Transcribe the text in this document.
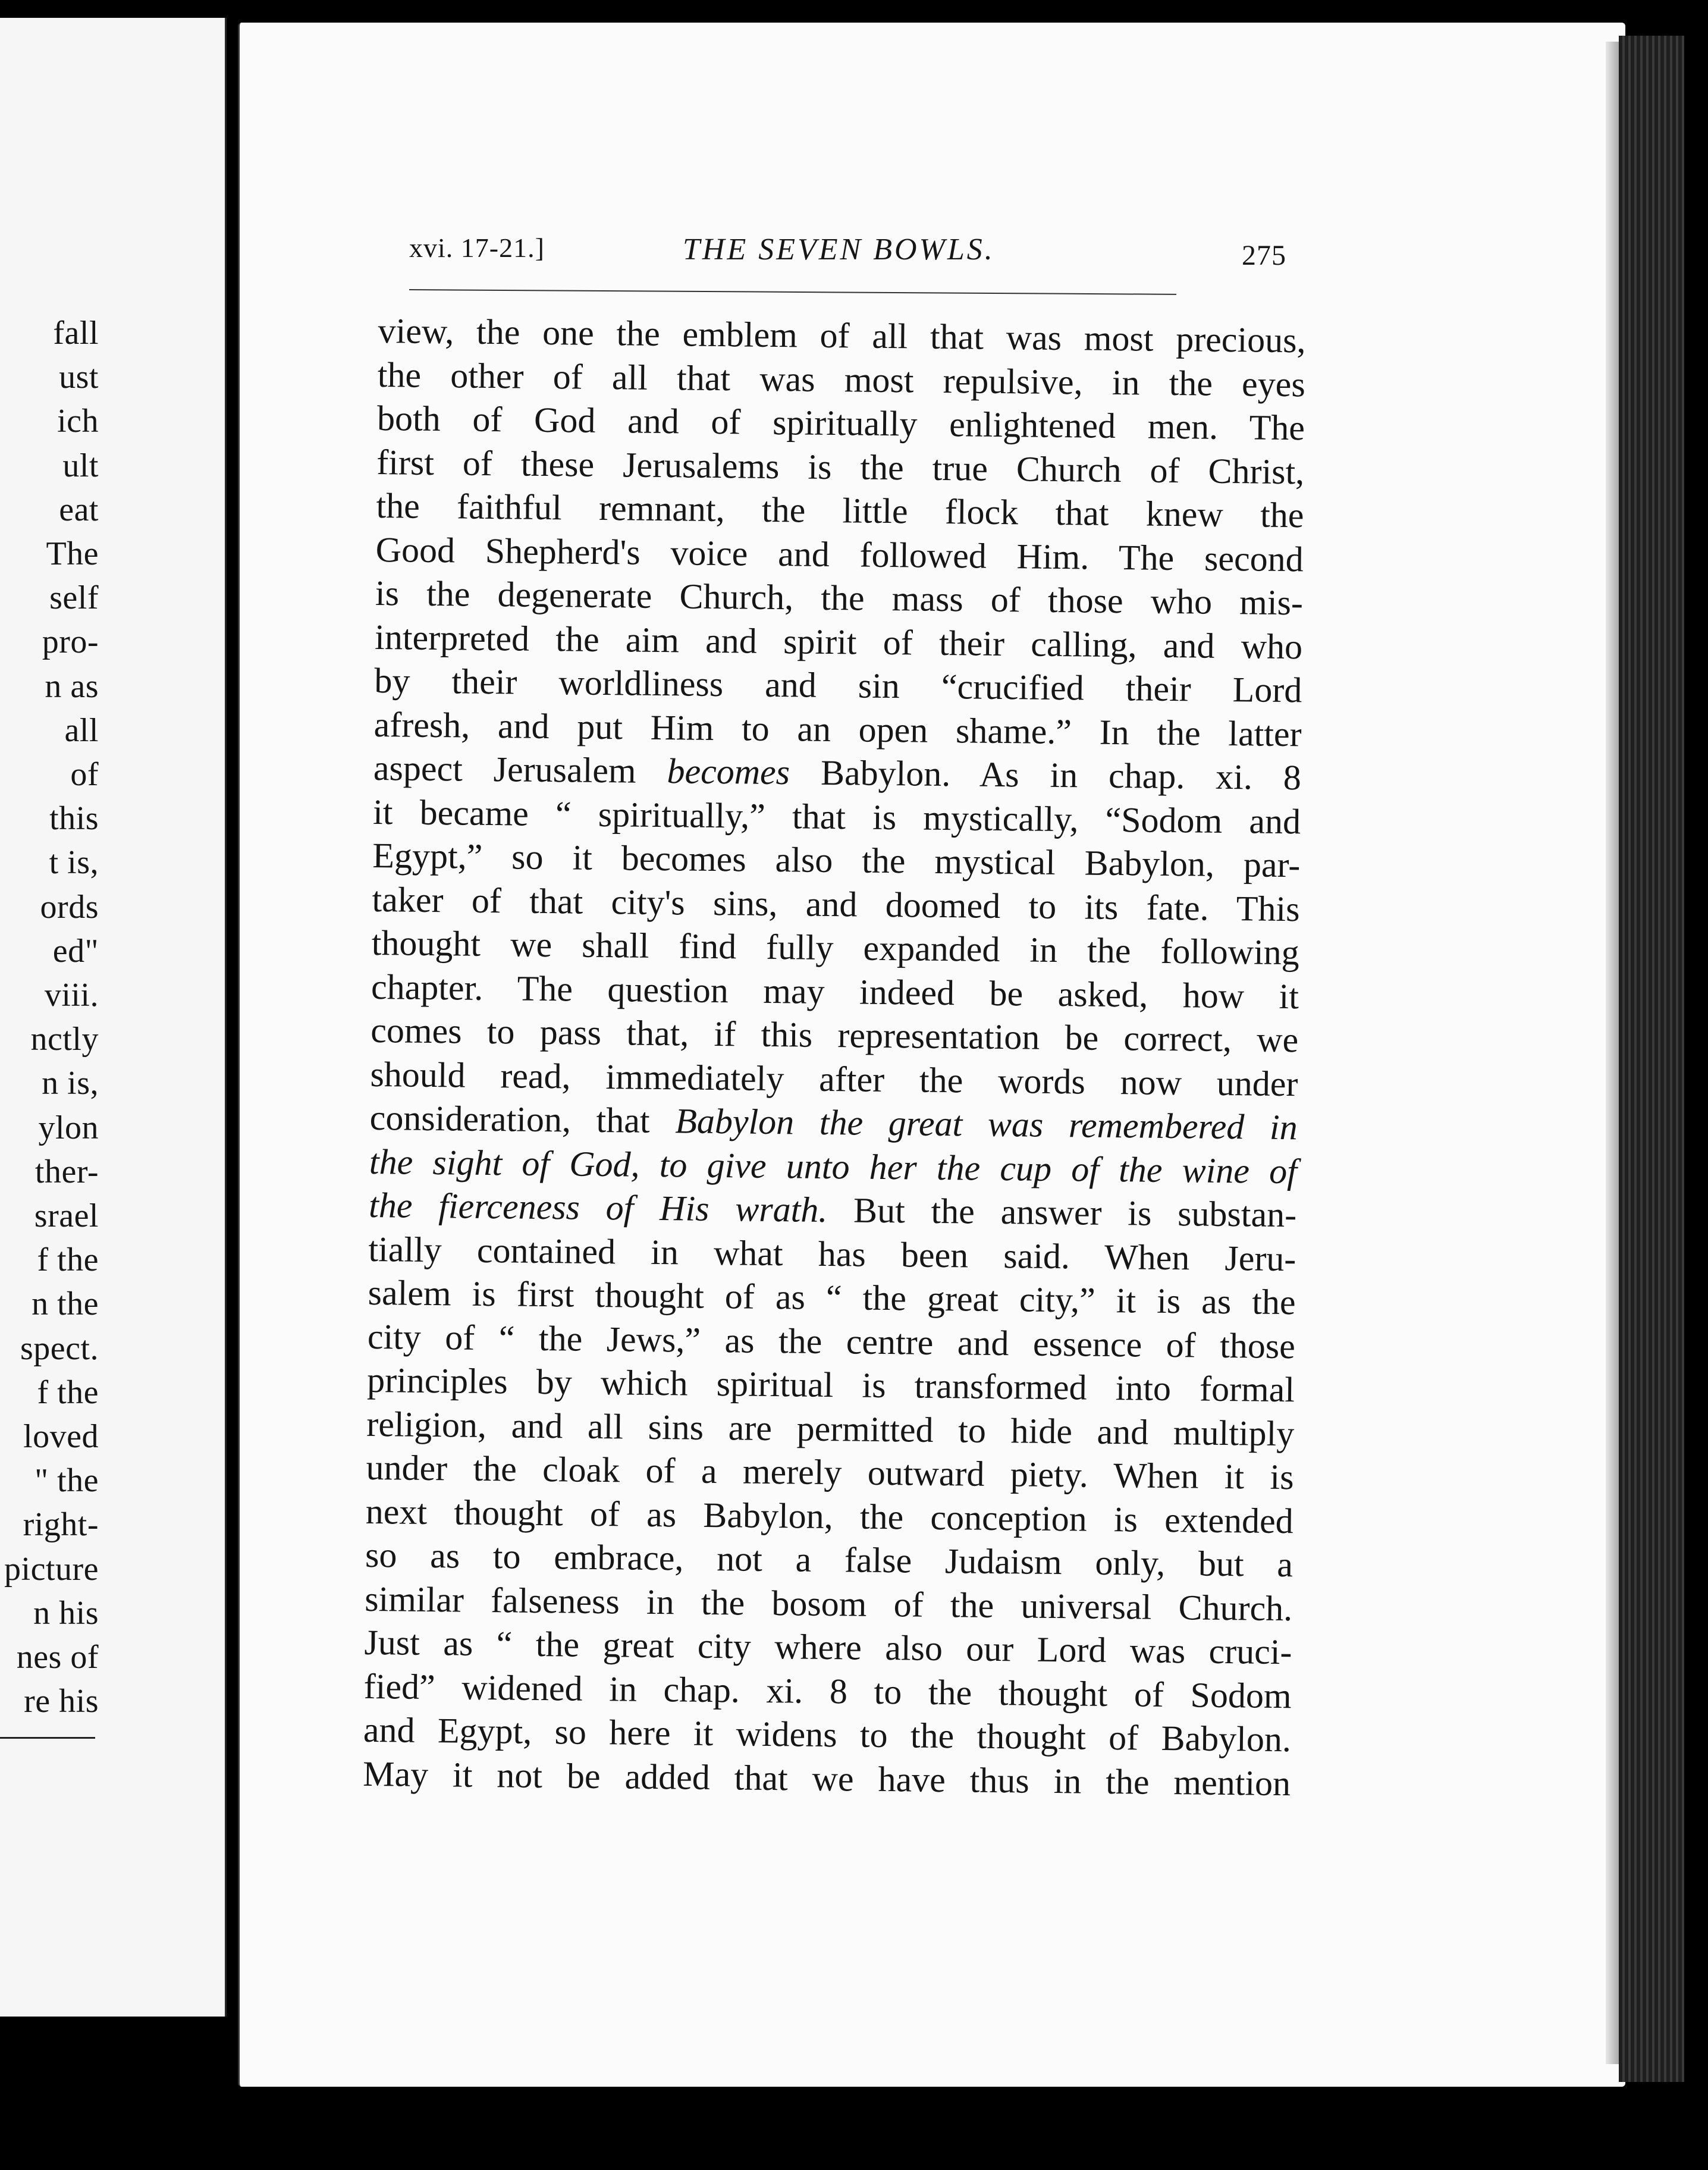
fall
ust
ich
ult
eat
The
self
pro-
n as
all
of
this
t is,
ords
ed"
viii.
nctly
n is,
ylon
ther-
srael
f the
n the
spect.
f the
loved
" the
right-
picture
n his
nes of
re his
xvi. 17-21.]	THE SEVEN BOWLS.	275
view, the one the emblem of all that was most precious,
the other of all that was most repulsive, in the eyes
both of God and of spiritually enlightened men. The
first of these Jerusalems is the true Church of Christ,
the faithful remnant, the little flock that knew the
Good Shepherd's voice and followed Him. The second
is the degenerate Church, the mass of those who mis-
interpreted the aim and spirit of their calling, and who
by their worldliness and sin “crucified their Lord
afresh, and put Him to an open shame.” In the latter
aspect Jerusalem becomes Babylon. As in chap. xi. 8
it became “ spiritually,” that is mystically, “Sodom and
Egypt,” so it becomes also the mystical Babylon, par-
taker of that city's sins, and doomed to its fate. This
thought we shall find fully expanded in the following
chapter. The question may indeed be asked, how it
comes to pass that, if this representation be correct, we
should read, immediately after the words now under
consideration, that Babylon the great was remembered in
the sight of God, to give unto her the cup of the wine of
the fierceness of His wrath. But the answer is substan-
tially contained in what has been said. When Jeru-
salem is first thought of as “ the great city,” it is as the
city of “ the Jews,” as the centre and essence of those
principles by which spiritual is transformed into formal
religion, and all sins are permitted to hide and multiply
under the cloak of a merely outward piety. When it is
next thought of as Babylon, the conception is extended
so as to embrace, not a false Judaism only, but a
similar falseness in the bosom of the universal Church.
Just as “ the great city where also our Lord was cruci-
fied” widened in chap. xi. 8 to the thought of Sodom
and Egypt, so here it widens to the thought of Babylon.
May it not be added that we have thus in the mention
